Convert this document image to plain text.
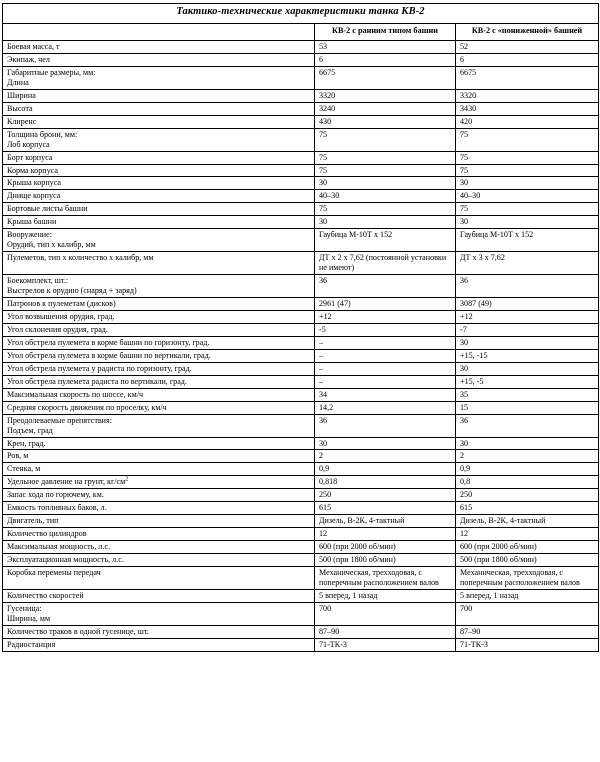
Тактико-технические характеристики танка КВ-2		
	КВ-2 с ранним типом башни	КВ-2 с «пониженной» башней
Боевая масса, т	53	52
Экипаж, чел	6	6

Габаритные размеры, мм:
Длина	6675	6675
Ширина	3320	3320
Высота	3240	3430
Клиренс	430	420

Толщина брони, мм:
Лоб корпуса	75	75
Борт корпуса	75	75
Корма корпуса	75	75
Крыша корпуса	30	30
Днище корпуса	40–30	40–30
Бортовые листы башни	75	75
Крыша башни	30	30

Вооружение:
Орудий, тип х калибр, мм	Гаубица М-10Т х 152	Гаубица М-10Т х 152
Пулеметов, тип х количество х калибр, мм	ДТ х 2 х 7,62 (постоянной установки не имеют)	ДТ х 3 х 7,62

Боекомплект, шт.:
Выстрелов к орудию (снаряд + заряд)	36	36
Патронов к пулеметам (дисков)	2961 (47)	3087 (49)
Угол возвышения орудия, град.	+12	+12
Угол склонения орудия, град.	-5	-7
Угол обстрела пулемета в корме башни по горизонту, град.	–	30
Угол обстрела пулемета в корме башни по вертикали, град.	–	+15, -15
Угол обстрела пулемета у радиста по горизонту, град.	–	30
Угол обстрела пулемета радиста по вертикали, град.	–	+15, -5
Максимальная скорость по шоссе, км/ч	34	35
Средняя скорость движения по проселку, км/ч	14,2	15

Преодолеваемые препятствия:
Подъем, град	36	36
Крен, град.	30	30
Ров, м	2	2
Стенка, м	0,9	0,9
Удельное давление на грунт, $кг/см^2$	0,818	0,8
Запас хода по горючему, км.	250	250
Емкость топливных баков, л.	615	615
Двигатель, тип	Дизель, В-2К, 4-тактный	Дизель, В-2К, 4-тактный
Количество цилиндров	12	12
Максимальная мощность, л.с.	600 (при 2000 об/мин)	600 (при 2000 об/мин)
Эксплуатационная мощность, л.с.	500 (при 1800 об/мин)	500 (при 1800 об/мин)
Коробка перемены передач	Механическая, трехходовая, с поперечным расположением валов	Механическая, трехходовая, с поперечным расположением валов
Количество скоростей	5 вперед, 1 назад	5 вперед, 1 назад

Гусеница:
Ширина, мм	700	700
Количество траков в одной гусенице, шт.	87–90	87–90
Радиостанция	71-ТК-3	71-ТК-3
